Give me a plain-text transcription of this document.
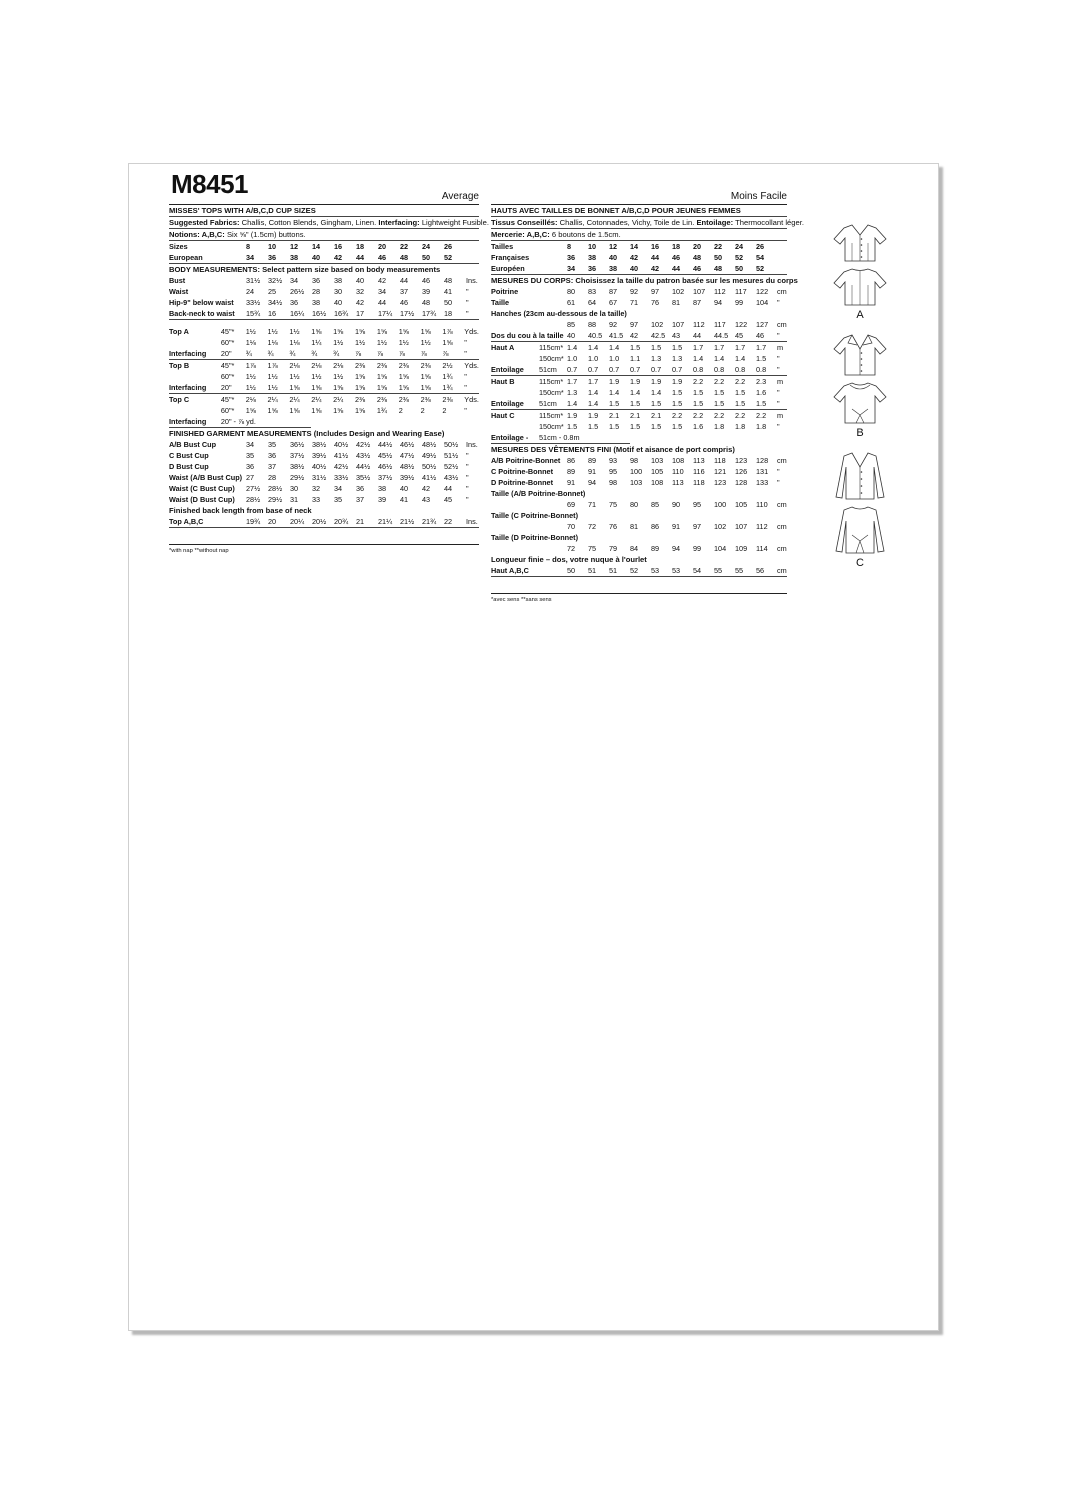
M8451	Average
MISSES' TOPS WITH A/B,C,D CUP SIZES
Suggested Fabrics: Challis, Cotton Blends, Gingham, Linen. Interfacing: Lightweight Fusible.
Notions: A,B,C: Six ⅝" (1.5cm) buttons.
Sizes	8	10	12	14	16	18	20	22	24	26	
European	34	36	38	40	42	44	46	48	50	52	
BODY MEASUREMENTS: Select pattern size based on body measurements
Bust	31½	32½	34	36	38	40	42	44	46	48	Ins.
Waist	24	25	26½	28	30	32	34	37	39	41	"
Hip-9" below waist	33½	34½	36	38	40	42	44	46	48	50	"
Back-neck to waist	15¾	16	16¼	16½	16¾	17	17¼	17½	17¾	18	"
Top A	45"*	1½	1½	1½	1⅝	1⅝	1⅝	1⅝	1⅝	1⅝	1⅞	Yds.
	60"*	1⅛	1⅛	1⅛	1¼	1½	1½	1½	1½	1½	1⅝	"
Interfacing	20"	¾	¾	¾	¾	¾	⅞	⅞	⅞	⅞	⅞	"
Top B	45"*	1⅞	1⅞	2⅛	2⅛	2⅛	2⅜	2⅜	2⅜	2⅜	2½	Yds.
	60"*	1½	1½	1½	1½	1½	1⅝	1⅝	1⅝	1⅝	1¾	"
Interfacing	20"	1½	1½	1⅝	1⅝	1⅝	1⅝	1⅝	1⅝	1⅝	1¾	"
Top C	45"*	2⅛	2¼	2¼	2¼	2¼	2⅜	2⅜	2⅜	2⅜	2⅜	Yds.
	60"*	1⅝	1⅝	1⅝	1⅝	1⅝	1⅝	1¾	2	2	2	"
Interfacing	20" - ⅞ yd.											
FINISHED GARMENT MEASUREMENTS (Includes Design and Wearing Ease)
A/B Bust Cup	34	35	36½	38½	40½	42½	44½	46½	48½	50½	Ins.
C Bust Cup	35	36	37½	39½	41½	43½	45½	47½	49½	51½	"
D Bust Cup	36	37	38½	40½	42½	44½	46½	48½	50½	52½	"
Waist (A/B Bust Cup)	27	28	29½	31½	33½	35½	37½	39½	41½	43½	"
Waist (C Bust Cup)	27½	28½	30	32	34	36	38	40	42	44	"
Waist (D Bust Cup)	28½	29½	31	33	35	37	39	41	43	45	"
Finished back length from base of neck
Top A,B,C	19¾	20	20¼	20½	20¾	21	21¼	21½	21¾	22	Ins.
*with nap **without nap
Moins Facile
HAUTS AVEC TAILLES DE BONNET A/B,C,D POUR JEUNES FEMMES
Tissus Conseillés: Challis, Cotonnades, Vichy, Toile de Lin. Entoilage: Thermocollant léger.
Mercerie: A,B,C: 6 boutons de 1.5cm.
Tailles	8	10	12	14	16	18	20	22	24	26	
Françaises	36	38	40	42	44	46	48	50	52	54	
Européen	34	36	38	40	42	44	46	48	50	52	
MESURES DU CORPS: Choisissez la taille du patron basée sur les mesures du corps
Poitrine		80	83	87	92	97	102	107	112	117	122	cm
Taille		61	64	67	71	76	81	87	94	99	104	"
Hanches (23cm au-dessous de la taille)												
		85	88	92	97	102	107	112	117	122	127	cm
Dos du cou à la taille		40	40.5	41.5	42	42.5	43	44	44.5	45	46	"
Haut A	115cm*	1.4	1.4	1.4	1.5	1.5	1.5	1.7	1.7	1.7	1.7	m
	150cm*	1.0	1.0	1.0	1.1	1.3	1.3	1.4	1.4	1.4	1.5	"
Entoilage	51cm	0.7	0.7	0.7	0.7	0.7	0.7	0.8	0.8	0.8	0.8	"
Haut B	115cm*	1.7	1.7	1.9	1.9	1.9	1.9	2.2	2.2	2.2	2.3	m
	150cm*	1.3	1.4	1.4	1.4	1.4	1.5	1.5	1.5	1.5	1.6	"
Entoilage	51cm	1.4	1.4	1.5	1.5	1.5	1.5	1.5	1.5	1.5	1.5	"
Haut C	115cm*	1.9	1.9	2.1	2.1	2.1	2.2	2.2	2.2	2.2	2.2	m
	150cm*	1.5	1.5	1.5	1.5	1.5	1.5	1.6	1.8	1.8	1.8	"
Entoilage -	51cm - 0.8m											
MESURES DES VÊTEMENTS FINI (Motif et aisance de port compris)
A/B Poitrine-Bonnet		86	89	93	98	103	108	113	118	123	128	cm
C Poitrine-Bonnet		89	91	95	100	105	110	116	121	126	131	"
D Poitrine-Bonnet		91	94	98	103	108	113	118	123	128	133	"
Taille (A/B Poitrine-Bonnet)												
		69	71	75	80	85	90	95	100	105	110	cm
Taille (C Poitrine-Bonnet)												
		70	72	76	81	86	91	97	102	107	112	cm
Taille (D Poitrine-Bonnet)												
		72	75	79	84	89	94	99	104	109	114	cm
Longueur finie – dos, votre nuque à l'ourlet
Haut A,B,C	50	51	51	52	53	53	54	55	55	56	cm
*avec sens **sans sens
A
B
C
